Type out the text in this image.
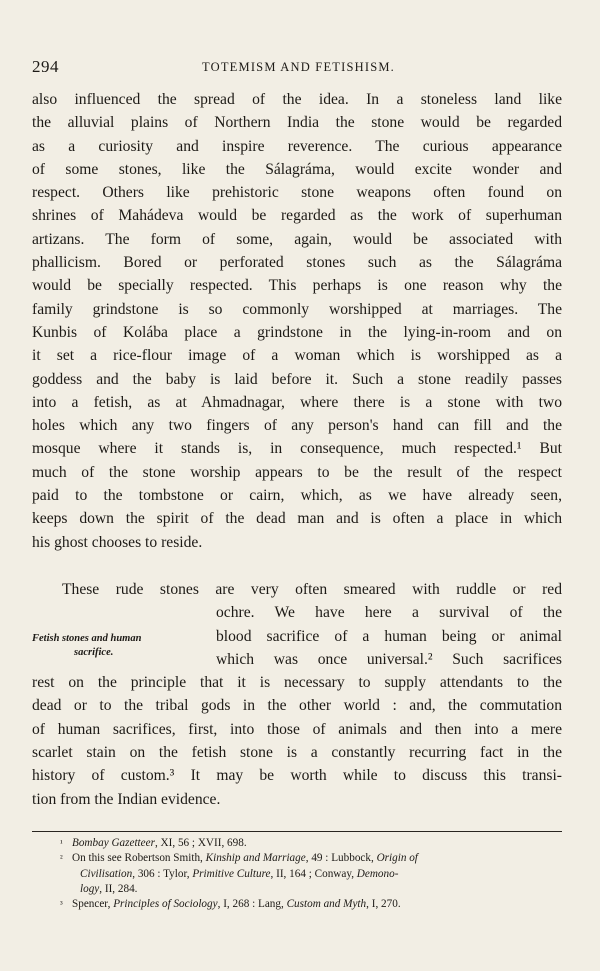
294	TOTEMISM AND FETISHISM.
also influenced the spread of the idea. In a stoneless land like
the alluvial plains of Northern India the stone would be regarded
as a curiosity and inspire reverence. The curious appearance
of some stones, like the Sálagráma, would excite wonder and
respect. Others like prehistoric stone weapons often found on
shrines of Mahádeva would be regarded as the work of superhuman
artizans. The form of some, again, would be associated with
phallicism. Bored or perforated stones such as the Sálagráma
would be specially respected. This perhaps is one reason why the
family grindstone is so commonly worshipped at marriages. The
Kunbis of Kolába place a grindstone in the lying-in-room and on
it set a rice-flour image of a woman which is worshipped as a
goddess and the baby is laid before it. Such a stone readily passes
into a fetish, as at Ahmadnagar, where there is a stone with two
holes which any two fingers of any person's hand can fill and the
mosque where it stands is, in consequence, much respected.¹ But
much of the stone worship appears to be the result of the respect
paid to the tombstone or cairn, which, as we have already seen,
keeps down the spirit of the dead man and is often a place in which
his ghost chooses to reside.
These rude stones are very often smeared with ruddle or red
ochre. We have here a survival of the
blood sacrifice of a human being or animal
which was once universal.² Such sacrifices
rest on the principle that it is necessary to supply attendants to the
dead or to the tribal gods in the other world : and, the commutation
of human sacrifices, first, into those of animals and then into a mere
scarlet stain on the fetish stone is a constantly recurring fact in the
history of custom.³ It may be worth while to discuss this transi-
tion from the Indian evidence.
Fetish stones and human
sacrifice.
¹ Bombay Gazetteer, XI, 56 ; XVII, 698.
² On this see Robertson Smith, Kinship and Marriage, 49 : Lubbock, Origin of
Civilisation, 306 : Tylor, Primitive Culture, II, 164 ; Conway, Demono-
logy, II, 284.
³ Spencer, Principles of Sociology, I, 268 : Lang, Custom and Myth, I, 270.
